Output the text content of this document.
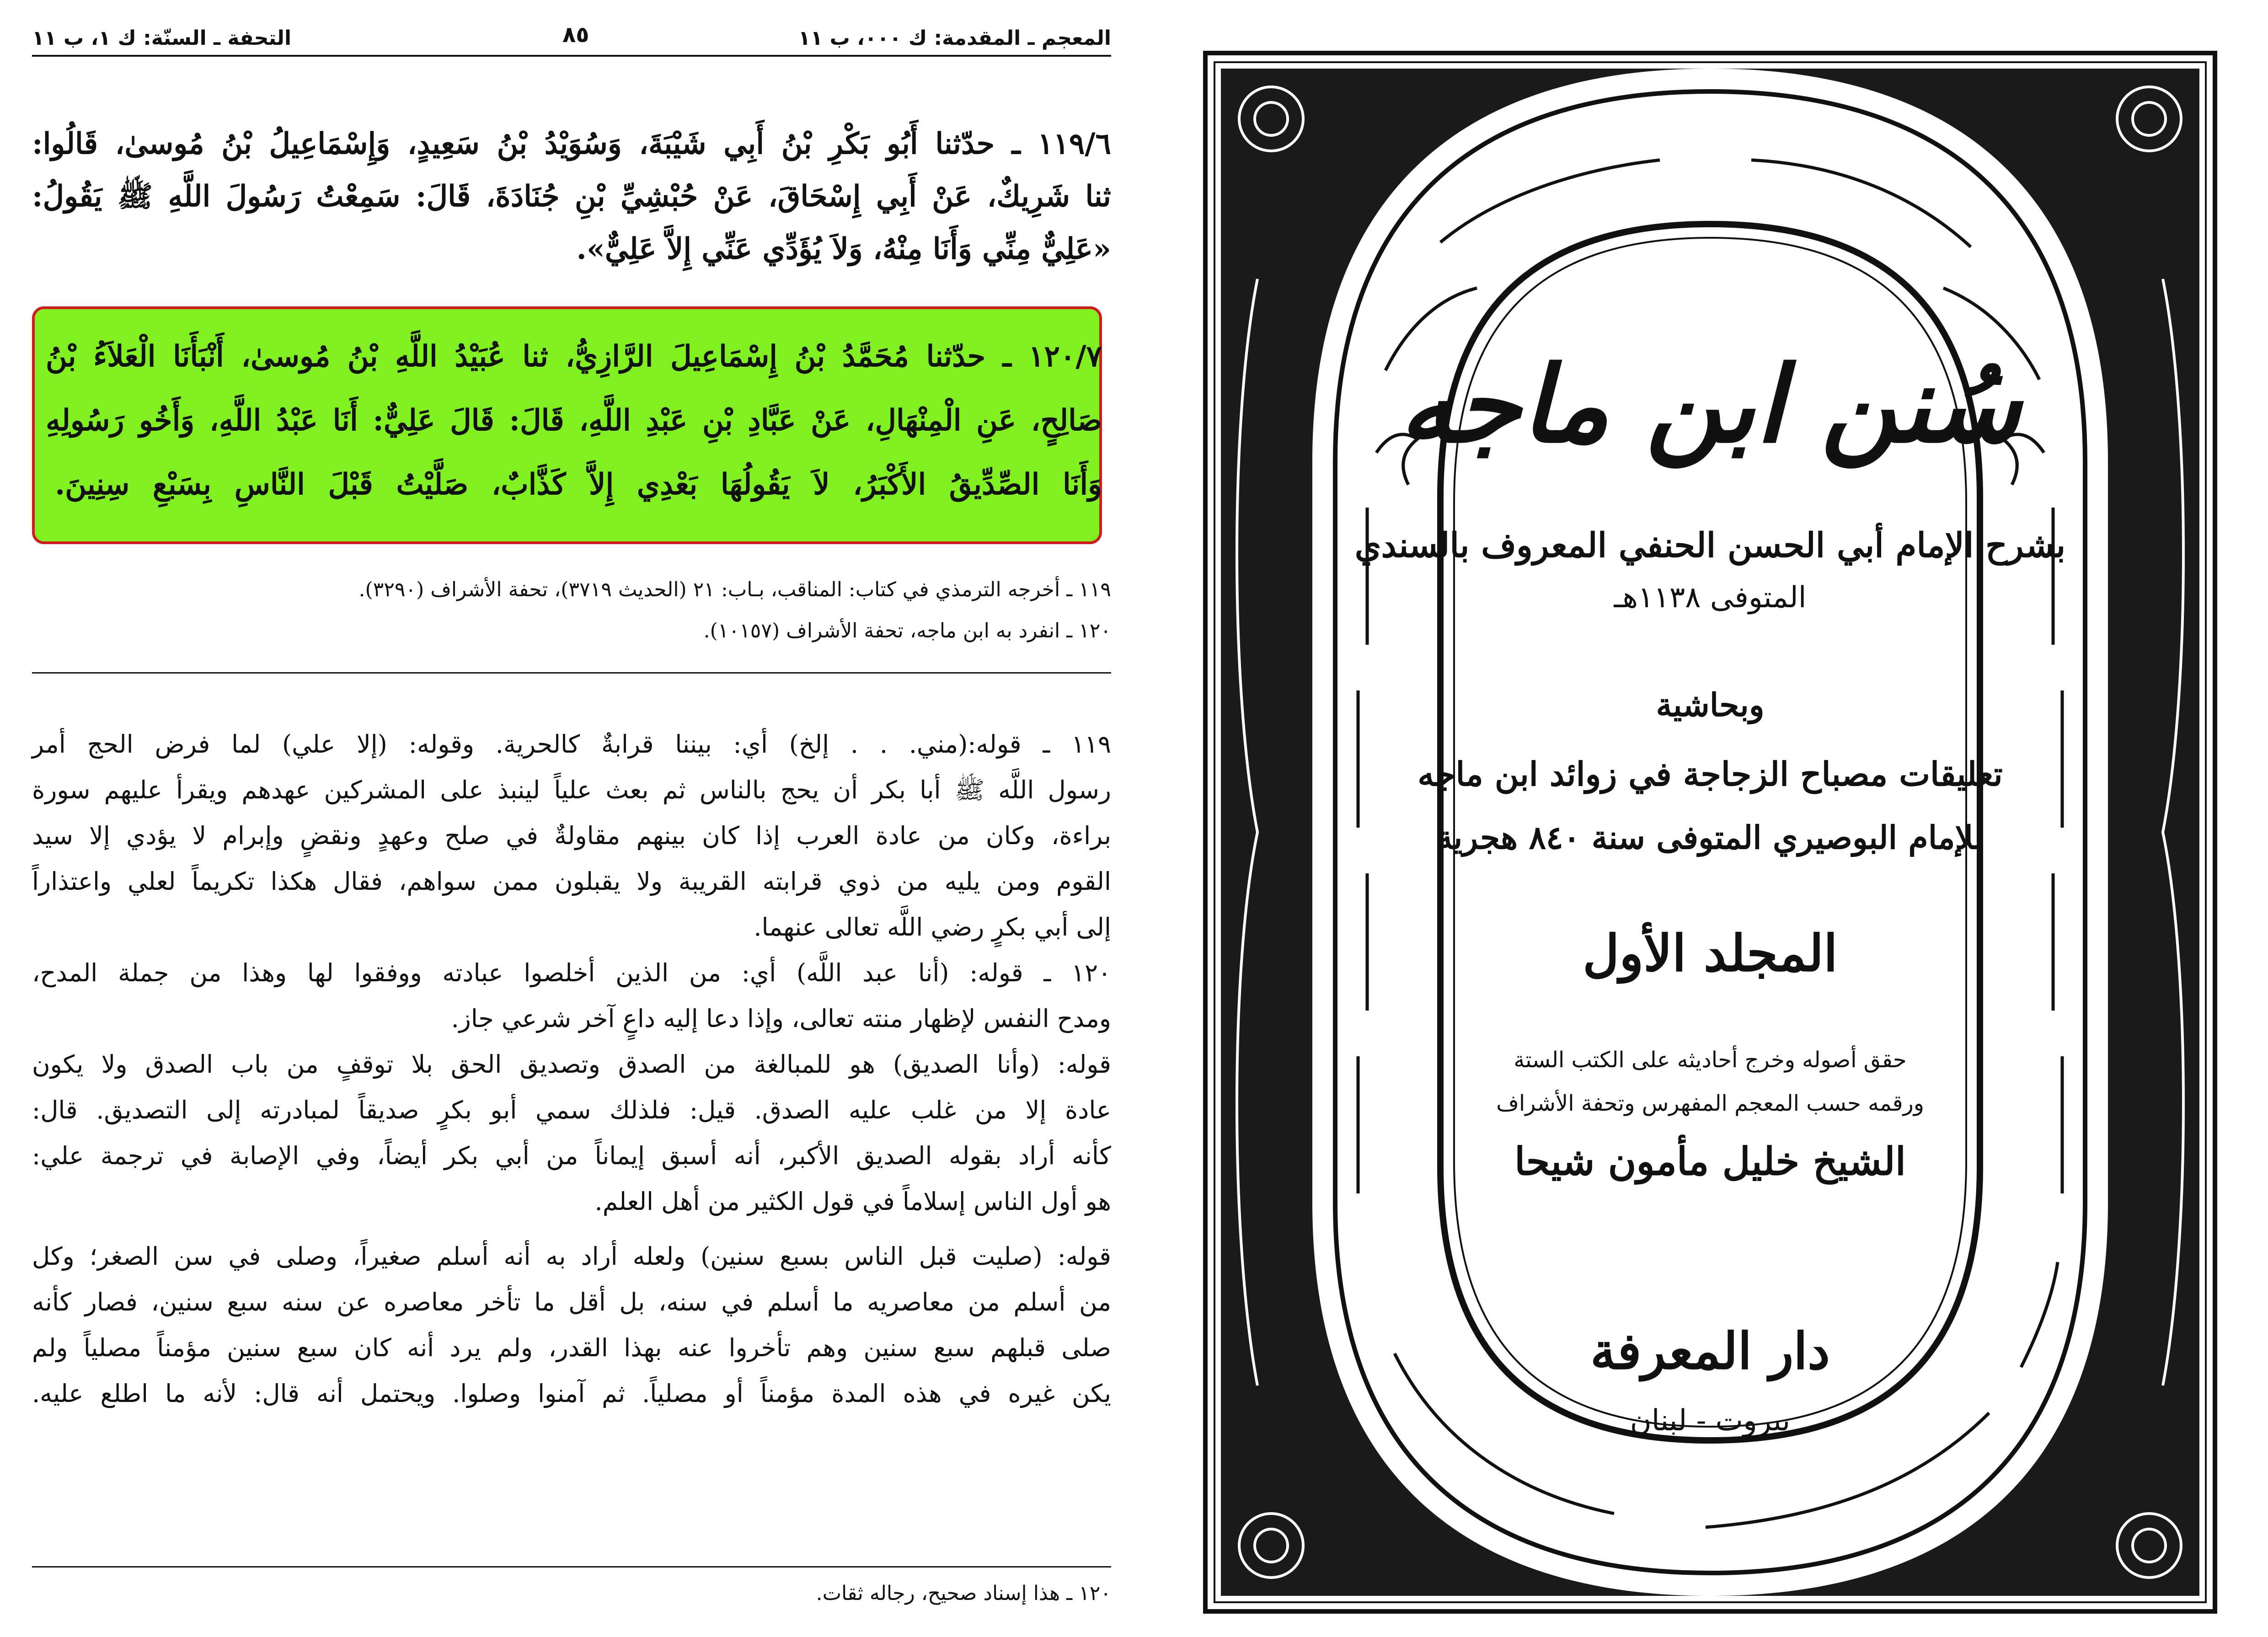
المعجم ـ المقدمة: ك ٠٠٠، ب ١١
٨٥
التحفة ـ السنّة: ك ١، ب ١١
١١٩/٦ ـ حدّثنا أَبُو بَكْرِ بْنُ أَبِي شَيْبَةَ، وَسُوَيْدُ بْنُ سَعِيدٍ، وَإِسْمَاعِيلُ بْنُ مُوسىٰ، قَالُوا:
ثنا شَرِيكٌ، عَنْ أَبِي إِسْحَاقَ، عَنْ حُبْشِيِّ بْنِ جُنَادَةَ، قَالَ: سَمِعْتُ رَسُولَ اللَّهِ ﷺ يَقُولُ:
«عَلِيٌّ مِنِّي وَأَنَا مِنْهُ، وَلاَ يُؤَدِّي عَنِّي إِلاَّ عَلِيٌّ».
١٢٠/٧ ـ حدّثنا مُحَمَّدُ بْنُ إِسْمَاعِيلَ الرَّازِيُّ، ثنا عُبَيْدُ اللَّهِ بْنُ مُوسىٰ، أَنْبَأَنَا الْعَلاَءُ بْنُ
صَالِحٍ، عَنِ الْمِنْهَالِ، عَنْ عَبَّادِ بْنِ عَبْدِ اللَّهِ، قَالَ: قَالَ عَلِيٌّ: أَنَا عَبْدُ اللَّهِ، وَأَخُو رَسُولِهِ
وَأَنَا الصِّدِّيقُ الأَكْبَرُ، لاَ يَقُولُهَا بَعْدِي إِلاَّ كَذَّابٌ، صَلَّيْتُ قَبْلَ النَّاسِ بِسَبْعِ سِنِينَ.
١١٩ ـ أخرجه الترمذي في كتاب: المناقب، بـاب: ٢١ (الحديث ٣٧١٩)، تحفة الأشراف (٣٢٩٠).
١٢٠ ـ انفرد به ابن ماجه، تحفة الأشراف (١٠١٥٧).
١١٩ ـ قوله:(مني. . . إلخ) أي: بيننا قرابةٌ كالحرية. وقوله: (إلا علي) لما فرض الحج أمر
رسول اللَّه ﷺ أبا بكر أن يحج بالناس ثم بعث علياً لينبذ على المشركين عهدهم ويقرأ عليهم سورة
براءة، وكان من عادة العرب إذا كان بينهم مقاولةٌ في صلح وعهدٍ ونقضٍ وإبرام لا يؤدي إلا سيد
القوم ومن يليه من ذوي قرابته القريبة ولا يقبلون ممن سواهم، فقال هكذا تكريماً لعلي واعتذاراً
إلى أبي بكرٍ رضي اللَّه تعالى عنهما.
١٢٠ ـ قوله: (أنا عبد اللَّه) أي: من الذين أخلصوا عبادته ووفقوا لها وهذا من جملة المدح،
ومدح النفس لإظهار منته تعالى، وإذا دعا إليه داعٍ آخر شرعي جاز.
قوله: (وأنا الصديق) هو للمبالغة من الصدق وتصديق الحق بلا توقفٍ من باب الصدق ولا يكون
عادة إلا من غلب عليه الصدق. قيل: فلذلك سمي أبو بكرٍ صديقاً لمبادرته إلى التصديق. قال:
كأنه أراد بقوله الصديق الأكبر، أنه أسبق إيماناً من أبي بكر أيضاً، وفي الإصابة في ترجمة علي:
هو أول الناس إسلاماً في قول الكثير من أهل العلم.
قوله: (صليت قبل الناس بسبع سنين) ولعله أراد به أنه أسلم صغيراً، وصلى في سن الصغر؛ وكل
من أسلم من معاصريه ما أسلم في سنه، بل أقل ما تأخر معاصره عن سنه سبع سنين، فصار كأنه
صلى قبلهم سبع سنين وهم تأخروا عنه بهذا القدر، ولم يرد أنه كان سبع سنين مؤمناً مصلياً ولم
يكن غيره في هذه المدة مؤمناً أو مصلياً. ثم آمنوا وصلوا. ويحتمل أنه قال: لأنه ما اطلع عليه.
١٢٠ ـ هذا إسناد صحيح، رجاله ثقات.
سُنن ابن ماجه
بشرح الإمام أبي الحسن الحنفي المعروف بالسندي
المتوفى ١١٣٨هـ
وبحاشية
تعليقات مصباح الزجاجة في زوائد ابن ماجه
للإمام البوصيري المتوفى سنة ٨٤٠ هجرية
المجلد الأول
حقق أصوله وخرج أحاديثه على الكتب الستة
ورقمه حسب المعجم المفهرس وتحفة الأشراف
الشيخ خليل مأمون شيحا
دار المعرفة
بيروت - لبنان
